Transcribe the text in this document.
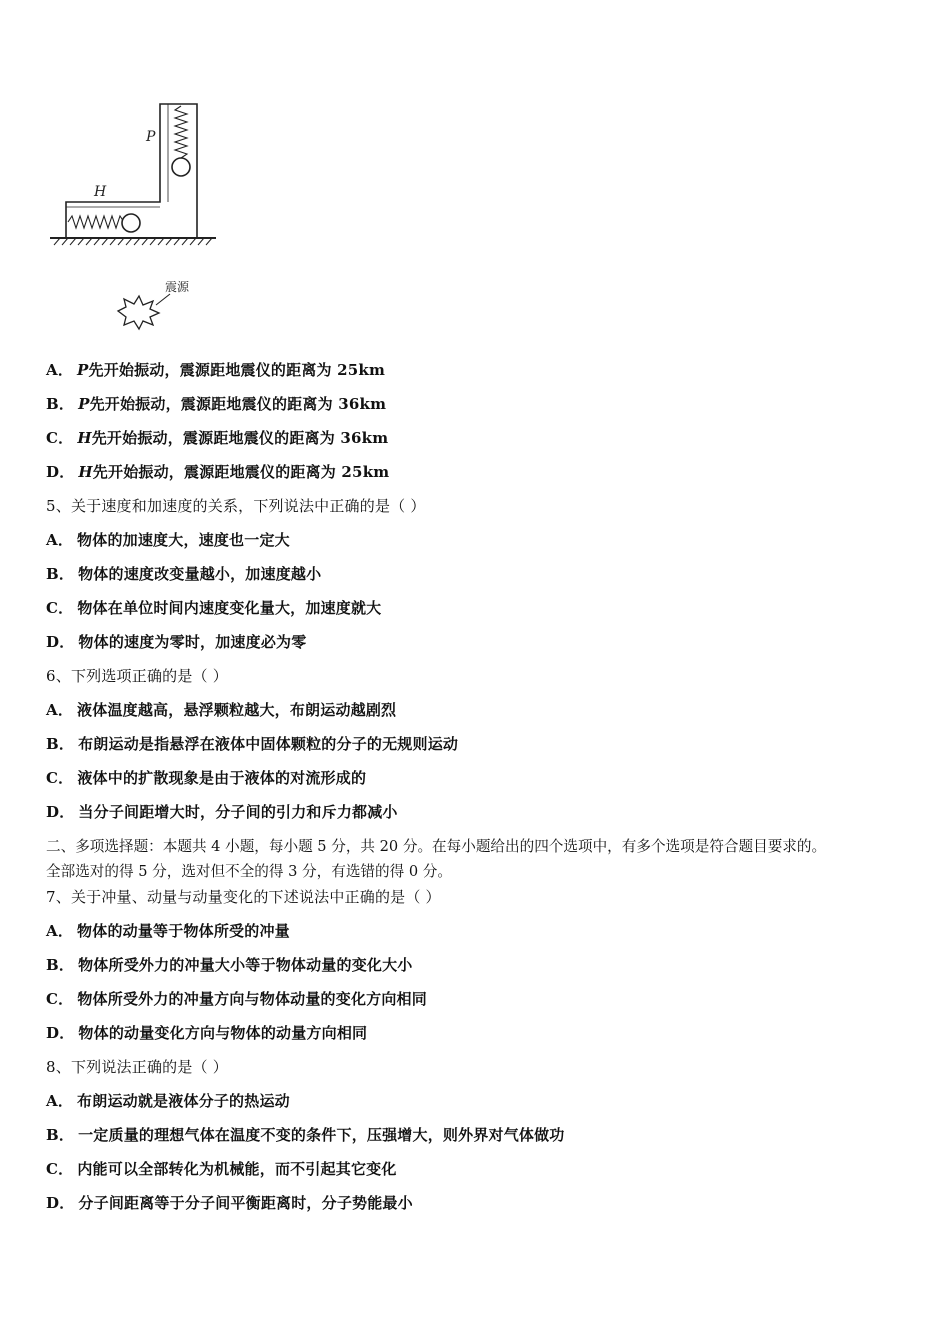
P
H
震源
A． P先开始振动，震源距地震仪的距离为 25km
B． P先开始振动，震源距地震仪的距离为 36km
C． H先开始振动，震源距地震仪的距离为 36km
D． H先开始振动，震源距地震仪的距离为 25km
5、关于速度和加速度的关系，下列说法中正确的是（ ）
A． 物体的加速度大，速度也一定大
B． 物体的速度改变量越小，加速度越小
C． 物体在单位时间内速度变化量大，加速度就大
D． 物体的速度为零时，加速度必为零
6、下列选项正确的是（ ）
A． 液体温度越高，悬浮颗粒越大，布朗运动越剧烈
B． 布朗运动是指悬浮在液体中固体颗粒的分子的无规则运动
C． 液体中的扩散现象是由于液体的对流形成的
D． 当分子间距增大时，分子间的引力和斥力都减小
二、多项选择题：本题共 4 小题，每小题 5 分，共 20 分。在每小题给出的四个选项中，有多个选项是符合题目要求的。
全部选对的得 5 分，选对但不全的得 3 分，有选错的得 0 分。
7、关于冲量、动量与动量变化的下述说法中正确的是（ ）
A． 物体的动量等于物体所受的冲量
B． 物体所受外力的冲量大小等于物体动量的变化大小
C． 物体所受外力的冲量方向与物体动量的变化方向相同
D． 物体的动量变化方向与物体的动量方向相同
8、下列说法正确的是（ ）
A． 布朗运动就是液体分子的热运动
B． 一定质量的理想气体在温度不变的条件下，压强增大，则外界对气体做功
C． 内能可以全部转化为机械能，而不引起其它变化
D． 分子间距离等于分子间平衡距离时，分子势能最小
